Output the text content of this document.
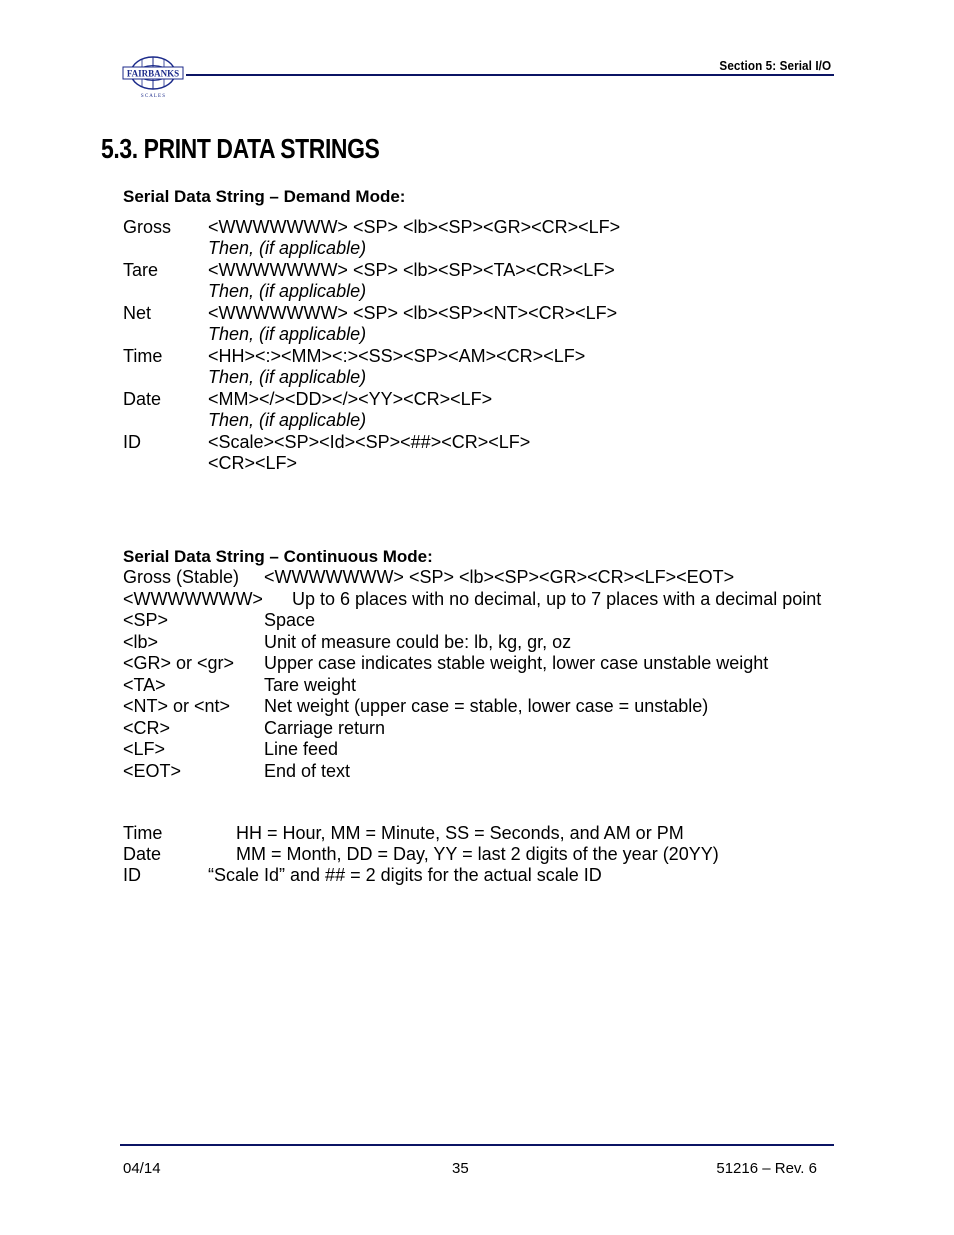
FAIRBANKS
S C A L E S
Section 5: Serial I/O
5.3. PRINT DATA STRINGS
Serial Data String – Demand Mode:
Gross <WWWWWWW> <SP> <lb><SP><GR><CR><LF>
Then, (if applicable)
Tare	<WWWWWWW> <SP> <lb><SP><TA><CR><LF>
Then, (if applicable)
Net	<WWWWWWW> <SP> <lb><SP><NT><CR><LF>
Then, (if applicable)
Time	<HH><:><MM><:><SS><SP><AM><CR><LF>
Then, (if applicable)
Date	<MM></><DD></><YY><CR><LF>
Then, (if applicable)
ID	<Scale><SP><Id><SP><##><CR><LF>
<CR><LF>
Serial Data String – Continuous Mode:
Gross (Stable) <WWWWWWW> <SP> <lb><SP><GR><CR><LF><EOT>
<WWWWWWW> Up to 6 places with no decimal, up to 7 places with a decimal point
<SP>	Space
<lb>	Unit of measure could be: lb, kg, gr, oz
<GR> or <gr> Upper case indicates stable weight, lower case unstable weight
<TA>	Tare weight
<NT> or <nt> Net weight (upper case = stable, lower case = unstable)
<CR>	Carriage return
<LF>	Line feed
<EOT>	End of text
Time	HH = Hour, MM = Minute, SS = Seconds, and AM or PM
Date	MM = Month, DD = Day, YY = last 2 digits of the year (20YY)
ID	“Scale Id” and ## = 2 digits for the actual scale ID
04/14	35	51216 – Rev. 6
